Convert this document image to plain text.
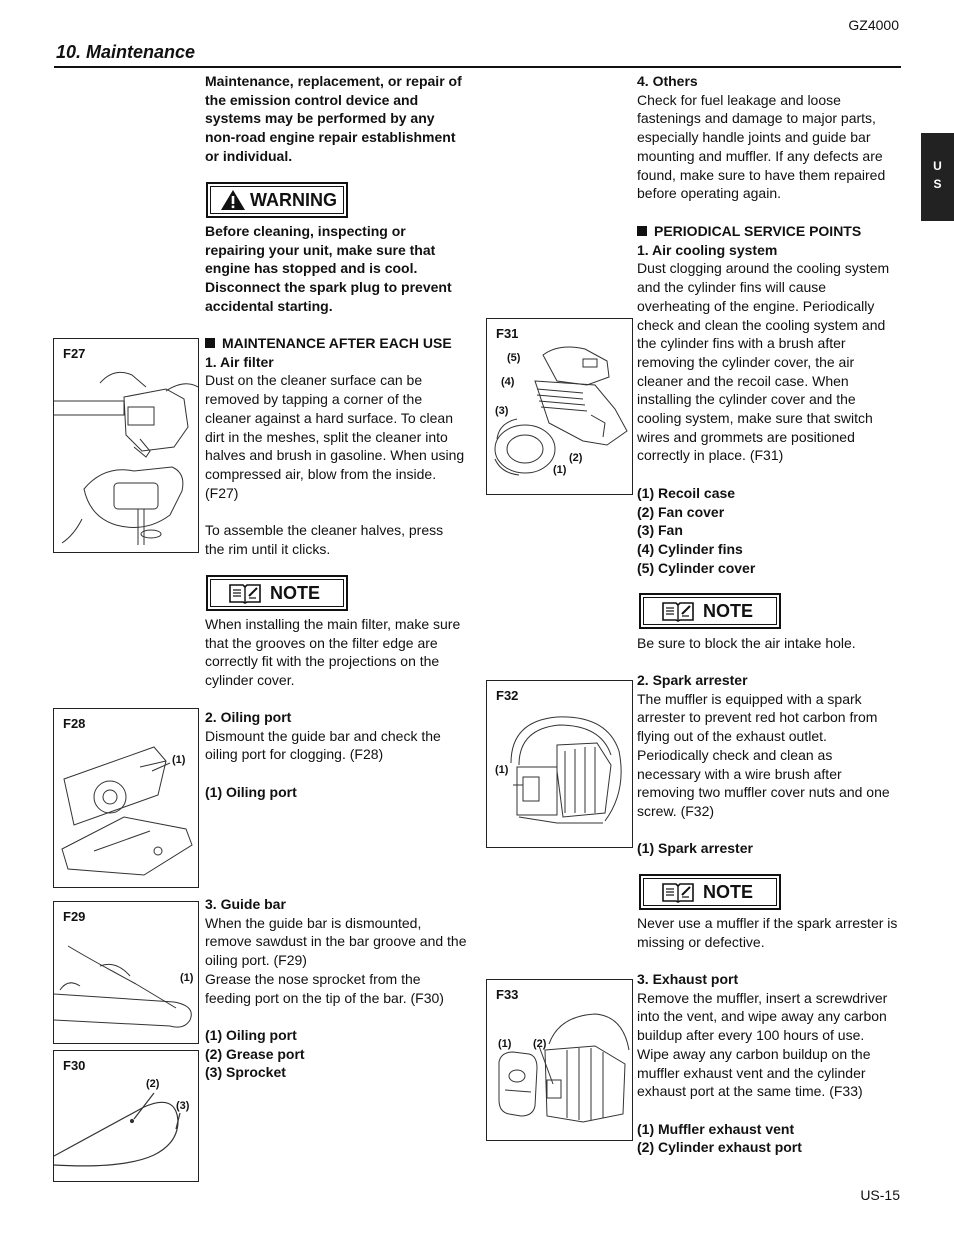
GZ4000
10. Maintenance
U
S
Maintenance, replacement, or repair of
the emission control device and
systems may be performed by any
non-road engine repair establishment
or individual.
WARNING
Before cleaning, inspecting or
repairing your unit, make sure that
engine has stopped and is cool.
Disconnect the spark plug to prevent
accidental starting.
MAINTENANCE AFTER EACH USE
1. Air filter
Dust on the cleaner surface can be
removed by tapping a corner of the
cleaner against a hard surface. To clean
dirt in the meshes, split the cleaner into
halves and brush in gasoline. When using
compressed air, blow from the inside.
(F27)

To assemble the cleaner halves, press
the rim until it clicks.
NOTE
When installing the main filter, make sure
that the grooves on the filter edge are
correctly fit with the projections on the
cylinder cover.
2. Oiling port
Dismount the guide bar and check the
oiling port for clogging. (F28)

(1) Oiling port
3. Guide bar
When the guide bar is dismounted,
remove sawdust in the bar groove and the
oiling port. (F29)
Grease the nose sprocket from the
feeding port on the tip of the bar. (F30)

(1) Oiling port
(2) Grease port
(3) Sprocket
F27
F28
(1)
F29
(1)
F30
(2)
(3)
4. Others
Check for fuel leakage and loose
fastenings and damage to major parts,
especially handle joints and guide bar
mounting and muffler. If any defects are
found, make sure to have them repaired
before operating again.
PERIODICAL SERVICE POINTS
1. Air cooling system
Dust clogging around the cooling system
and the cylinder fins will cause
overheating of the engine. Periodically
check and clean the cooling system and
the cylinder fins with a brush after
removing the cylinder cover, the air
cleaner and the recoil case. When
installing the cylinder cover and the
cooling system, make sure that switch
wires and grommets are positioned
correctly in place. (F31)

(1) Recoil case
(2) Fan cover
(3) Fan
(4) Cylinder fins
(5) Cylinder cover
NOTE
Be sure to block the air intake hole.
2. Spark arrester
The muffler is equipped with a spark
arrester to prevent red hot carbon from
flying out of the exhaust outlet.
Periodically check and clean as
necessary with a wire brush after
removing two muffler cover nuts and one
screw. (F32)

(1) Spark arrester
NOTE
Never use a muffler if the spark arrester is
missing or defective.
3. Exhaust port
Remove the muffler, insert a screwdriver
into the vent, and wipe away any carbon
buildup after every 100 hours of use.
Wipe away any carbon buildup on the
muffler exhaust vent and the cylinder
exhaust port at the same time. (F33)

(1) Muffler exhaust vent
(2) Cylinder exhaust port
F31
(5)
(4)
(3)
(2)
(1)
F32
(1)
F33
(1) (2)
US-15
